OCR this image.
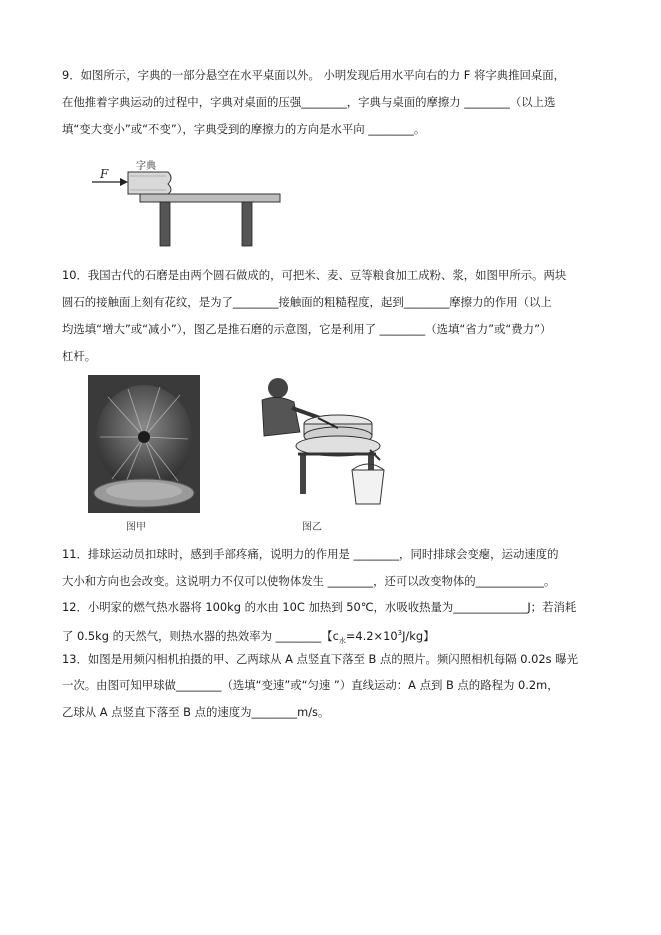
9．如图所示，字典的一部分悬空在水平桌面以外。 小明发现后用水平向右的力 F 将字典推回桌面，
在他推着字典运动的过程中，字典对桌面的压强________，字典与桌面的摩擦力 ________（以上选
填“变大变小”或“不变”），字典受到的摩擦力的方向是水平向 ________。
F
字典
10．我国古代的石磨是由两个圆石做成的，可把米、麦、豆等粮食加工成粉、浆，如图甲所示。两块
圆石的接触面上刻有花纹，是为了________接触面的粗糙程度，起到________摩擦力的作用（以上
均选填“增大”或“减小”），图乙是推石磨的示意图，它是利用了 ________（选填“省力”或“费力”）
杠杆。
图甲	图乙
11．排球运动员扣球时，感到手部疼痛，说明力的作用是 ________，同时排球会变瘪，运动速度的
大小和方向也会改变。这说明力不仅可以使物体发生 ________，还可以改变物体的____________。
12．小明家的燃气热水器将 100kg 的水由 10C 加热到 50℃，水吸收热量为_____________J；若消耗
了 0.5kg 的天然气，则热水器的热效率为 ________【$c_水=4.2\times 10^3J/kg$】
13．如图是用频闪相机拍摄的甲、乙两球从 A 点竖直下落至 B 点的照片。频闪照相机每隔 0.02s 曝光
一次。由图可知甲球做________（选填“变速”或“匀速 ”）直线运动：A 点到 B 点的路程为 0.2m，
乙球从 A 点竖直下落至 B 点的速度为________m/s。
